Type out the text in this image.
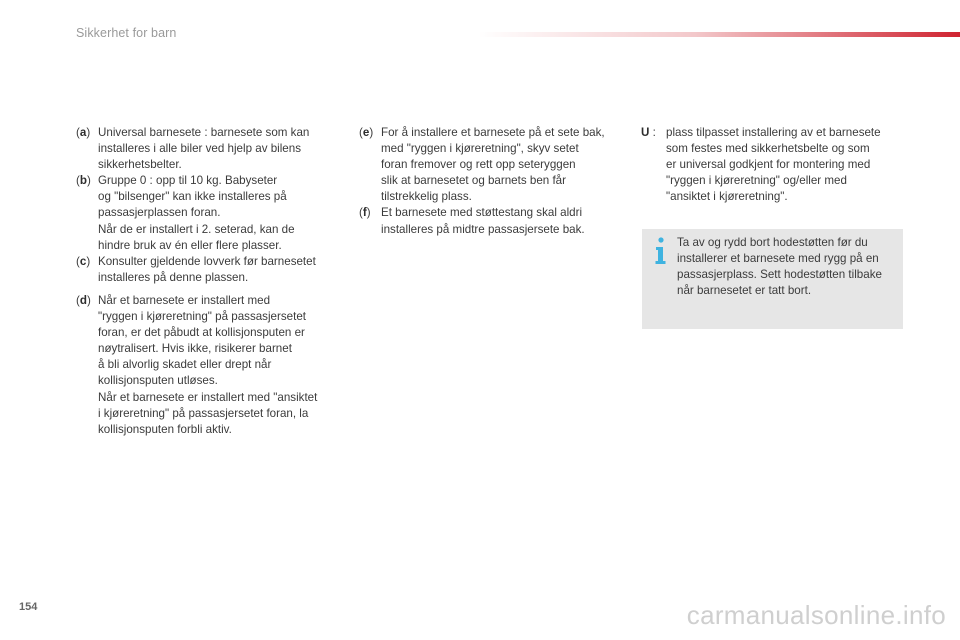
Sikkerhet for barn
(a) Universal barnesete : barnesete som kan
installeres i alle biler ved hjelp av bilens
sikkerhetsbelter.
(b) Gruppe 0 : opp til 10 kg. Babyseter
og "bilsenger" kan ikke installeres på
passasjerplassen foran.
Når de er installert i 2. seterad, kan de
hindre bruk av én eller flere plasser.
(c) Konsulter gjeldende lovverk før barnesetet
installeres på denne plassen.
(d) Når et barnesete er installert med
"ryggen i kjøreretning" på passasjersetet
foran, er det påbudt at kollisjonsputen er
nøytralisert. Hvis ikke, risikerer barnet
å bli alvorlig skadet eller drept når
kollisjonsputen utløses.
Når et barnesete er installert med "ansiktet
i kjøreretning" på passasjersetet foran, la
kollisjonsputen forbli aktiv.
(e) For å installere et barnesete på et sete bak,
med "ryggen i kjøreretning", skyv setet
foran fremover og rett opp seteryggen
slik at barnesetet og barnets ben får
tilstrekkelig plass.
(f) Et barnesete med støttestang skal aldri
installeres på midtre passasjersete bak.
U : plass tilpasset installering av et barnesete
som festes med sikkerhetsbelte og som
er universal godkjent for montering med
"ryggen i kjøreretning" og/eller med
"ansiktet i kjøreretning".
Ta av og rydd bort hodestøtten før du
installerer et barnesete med rygg på en
passasjerplass. Sett hodestøtten tilbake
når barnesetet er tatt bort.
154	carmanualsonline.info
